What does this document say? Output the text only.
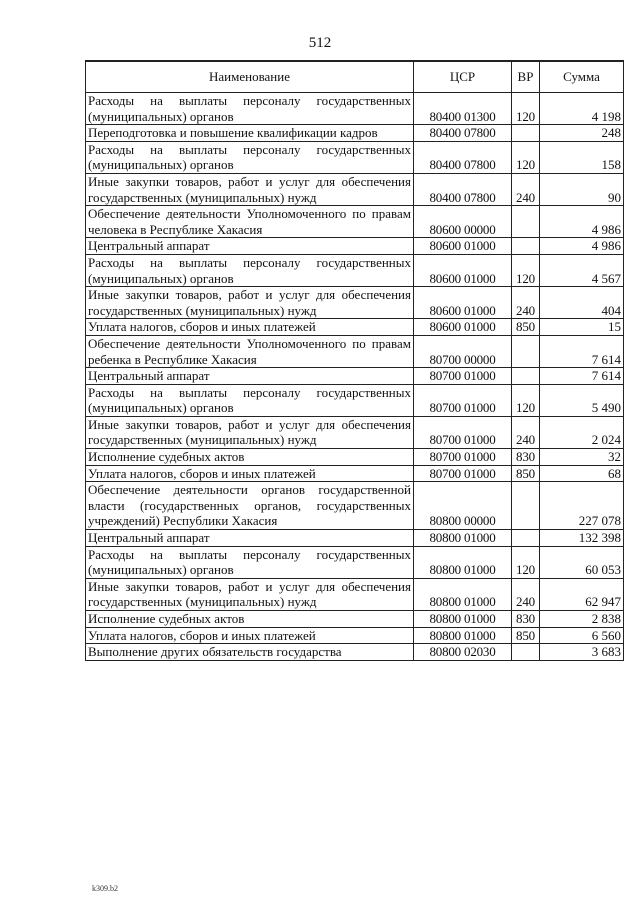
512
Наименование	ЦСР	ВР	Сумма
Расходы на выплаты персоналу государственных (муниципальных) органов	80400 01300	120	4 198
Переподготовка и повышение квалификации кадров	80400 07800		248
Расходы на выплаты персоналу государственных (муниципальных) органов	80400 07800	120	158
Иные закупки товаров, работ и услуг для обеспечения государственных (муниципальных) нужд	80400 07800	240	90
Обеспечение деятельности Уполномоченного по правам человека в Республике Хакасия	80600 00000		4 986
Центральный аппарат	80600 01000		4 986
Расходы на выплаты персоналу государственных (муниципальных) органов	80600 01000	120	4 567
Иные закупки товаров, работ и услуг для обеспечения государственных (муниципальных) нужд	80600 01000	240	404
Уплата налогов, сборов и иных платежей	80600 01000	850	15
Обеспечение деятельности Уполномоченного по правам ребенка в Республике Хакасия	80700 00000		7 614
Центральный аппарат	80700 01000		7 614
Расходы на выплаты персоналу государственных (муниципальных) органов	80700 01000	120	5 490
Иные закупки товаров, работ и услуг для обеспечения государственных (муниципальных) нужд	80700 01000	240	2 024
Исполнение судебных актов	80700 01000	830	32
Уплата налогов, сборов и иных платежей	80700 01000	850	68
Обеспечение деятельности органов государственной власти (государственных органов, государственных учреждений) Республики Хакасия	80800 00000		227 078
Центральный аппарат	80800 01000		132 398
Расходы на выплаты персоналу государственных (муниципальных) органов	80800 01000	120	60 053
Иные закупки товаров, работ и услуг для обеспечения государственных (муниципальных) нужд	80800 01000	240	62 947
Исполнение судебных актов	80800 01000	830	2 838
Уплата налогов, сборов и иных платежей	80800 01000	850	6 560
Выполнение других обязательств государства	80800 02030		3 683
k309.b2
